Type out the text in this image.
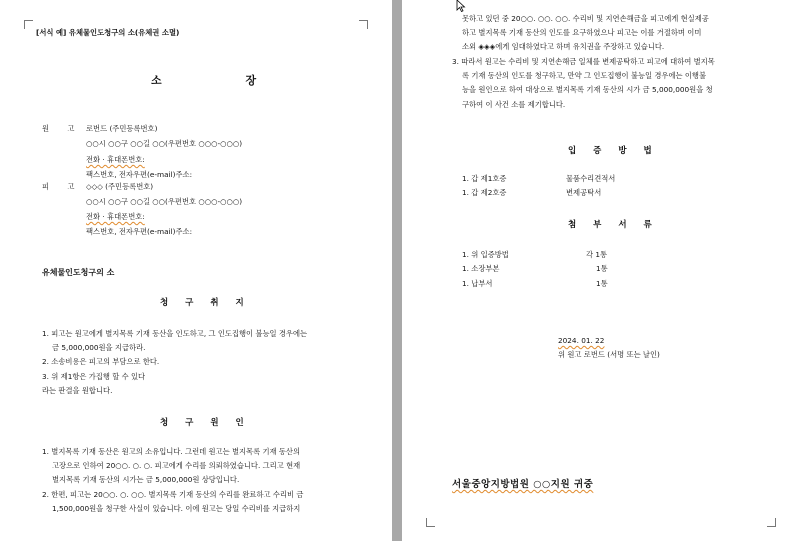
[서식 예] 유체물인도청구의 소(유체권 소멸)
소 장
원 고 로번드 (주민등록번호)
○○시 ○○구 ○○길 ○○(우편번호 ○○○-○○○)
전화 · 휴대폰번호:
팩스번호, 전자우편(e-mail)주소:
피 고 ◇◇◇ (주민등록번호)
○○시 ○○구 ○○길 ○○(우편번호 ○○○-○○○)
전화 · 휴대폰번호:
팩스번호, 전자우편(e-mail)주소:
유체물인도청구의 소
청 구 취 지
1. 피고는 원고에게 별지목록 기재 동산을 인도하고, 그 인도집행이 불능일 경우에는
금 5,000,000원을 지급하라.
2. 소송비용은 피고의 부담으로 한다.
3. 위 제1항은 가집행 할 수 있다
라는 판결을 원합니다.
청 구 원 인
1. 별지목록 기재 동산은 원고의 소유입니다. 그런데 원고는 별지목록 기재 동산의
고장으로 인하여 20○○. ○. ○. 피고에게 수리를 의뢰하였습니다. 그리고 현재
별지목록 기재 동산의 시가는 금 5,000,000원 상당입니다.
2. 한편, 피고는 20○○. ○. ○○. 별지목록 기재 동산의 수리를 완료하고 수리비 금
1,500,000원을 청구한 사실이 있습니다. 이에 원고는 당일 수리비를 지급하지
못하고 있던 중 20○○. ○○. ○○. 수리비 및 지연손해금을 피고에게 현실제공
하고 별지목록 기재 동산의 인도를 요구하였으나 피고는 이를 거절하며 이미
소외 ◈◈◈에게 임대하였다고 하며 유치권을 주장하고 있습니다.
3. 따라서 원고는 수리비 및 지연손해금 일체를 변제공탁하고 피고에 대하여 별지목
록 기재 동산의 인도를 청구하고, 만약 그 인도집행이 불능일 경우에는 이행불
능을 원인으로 하여 대상으로 별지목록 기재 동산의 시가 금 5,000,000원을 청
구하여 이 사건 소를 제기합니다.
입 증 방 법
1. 갑 제1호증	물품수리견적서
1. 갑 제2호증	변제공탁서
첨 부 서 류
1. 위 입증방법	각 1통
1. 소장부본	1통
1. 납부서	1통
2024. 01. 22
위 원고 로번드 (서명 또는 날인)
서울중앙지방법원 ○○지원 귀중
